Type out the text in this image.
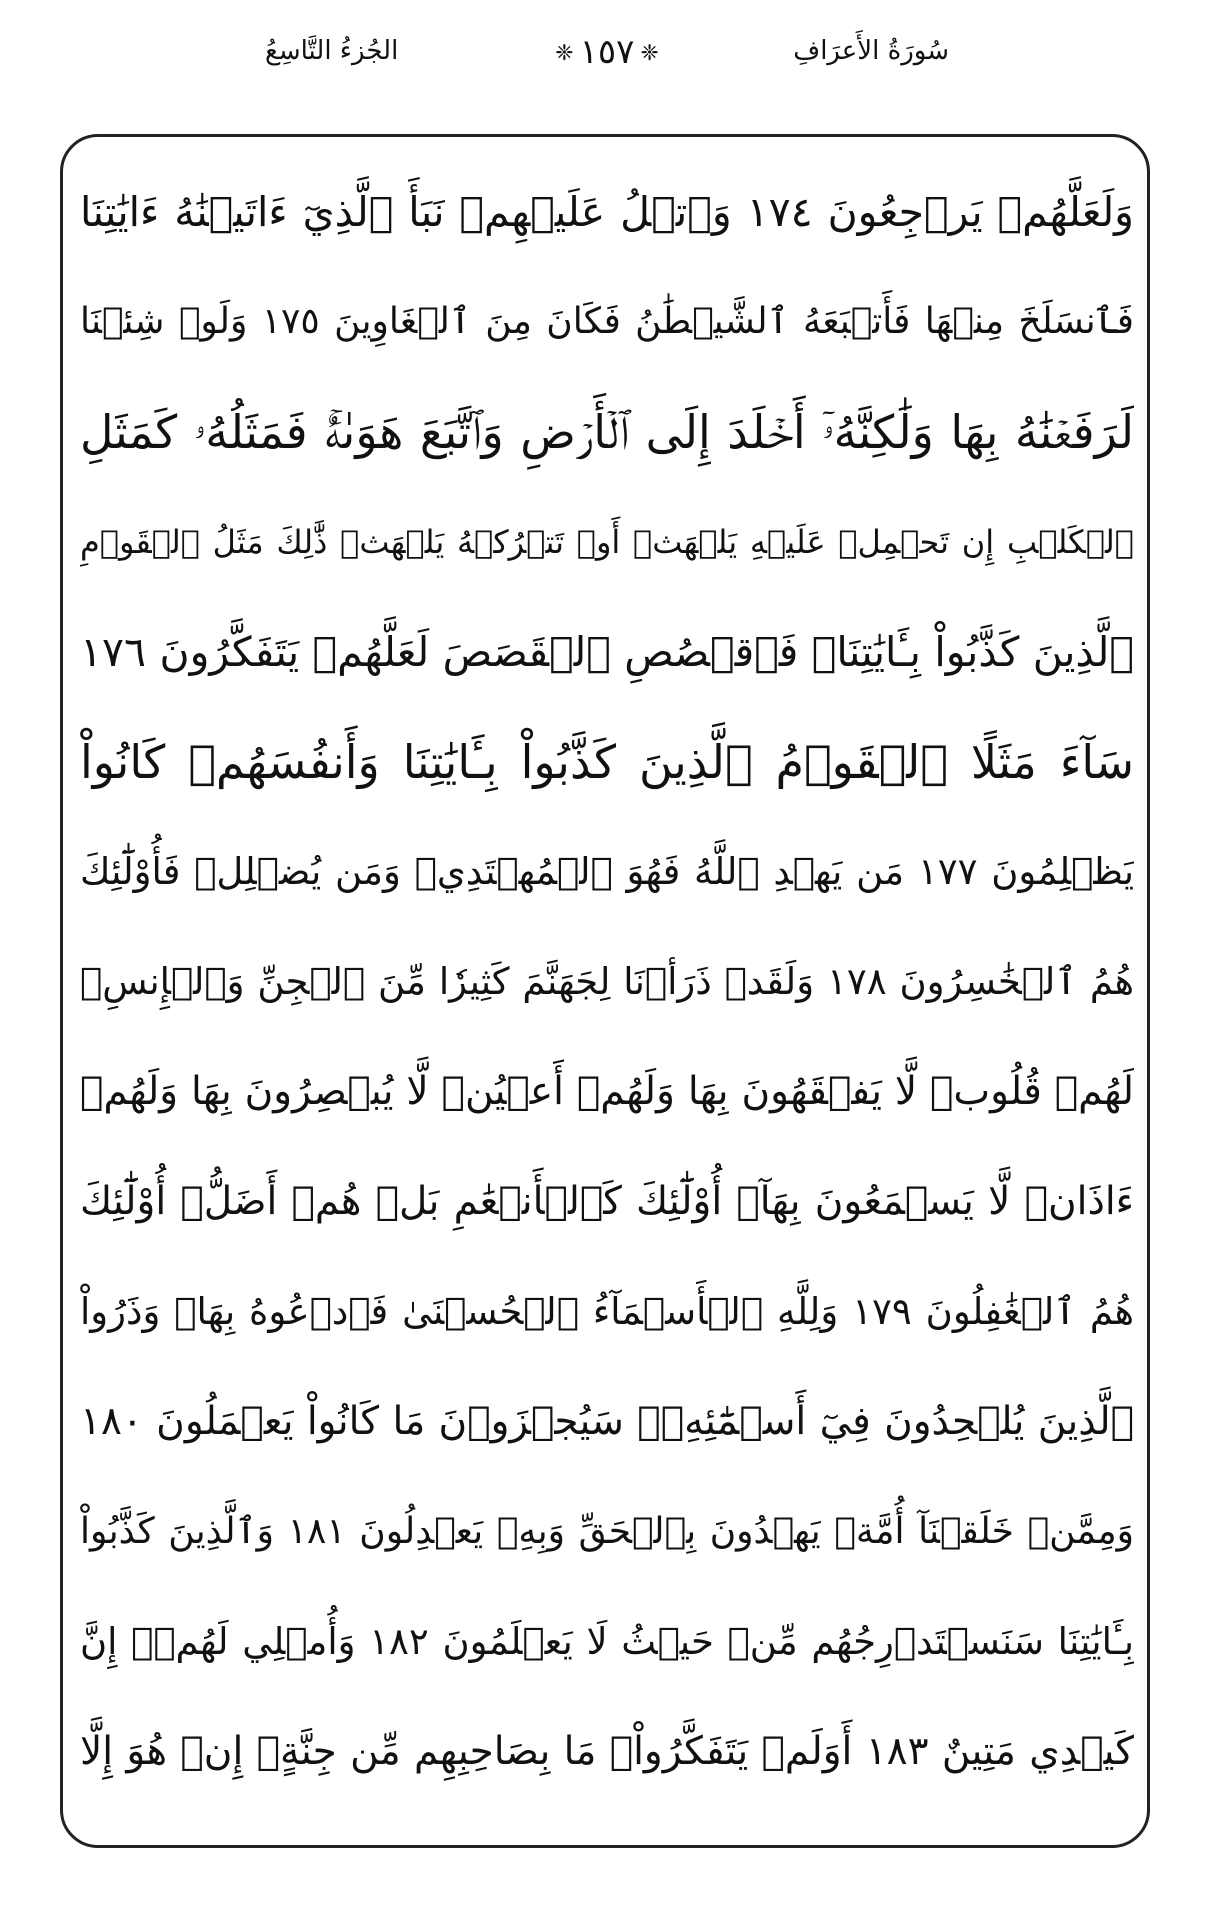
الجُزءُ التَّاسِعُ	❈ ١٥٧ ❈	سُورَةُ الأَعرَافِ
وَلَعَلَّهُمۡ يَرۡجِعُونَ ١٧٤ وَٱتۡلُ عَلَيۡهِمۡ نَبَأَ ٱلَّذِيٓ ءَاتَيۡنَٰهُ ءَايَٰتِنَا
فَٱنسَلَخَ مِنۡهَا فَأَتۡبَعَهُ ٱلشَّيۡطَٰنُ فَكَانَ مِنَ ٱلۡغَاوِينَ ١٧٥ وَلَوۡ شِئۡنَا
لَرَفَعۡنَٰهُ بِهَا وَلَٰكِنَّهُۥٓ أَخۡلَدَ إِلَى ٱلۡأَرۡضِ وَٱتَّبَعَ هَوَىٰهُۚ فَمَثَلُهُۥ كَمَثَلِ
ٱلۡكَلۡبِ إِن تَحۡمِلۡ عَلَيۡهِ يَلۡهَثۡ أَوۡ تَتۡرُكۡهُ يَلۡهَثۚ ذَّٰلِكَ مَثَلُ ٱلۡقَوۡمِ
ٱلَّذِينَ كَذَّبُواْ بِـَٔايَٰتِنَاۚ فَٱقۡصُصِ ٱلۡقَصَصَ لَعَلَّهُمۡ يَتَفَكَّرُونَ ١٧٦
سَآءَ مَثَلًا ٱلۡقَوۡمُ ٱلَّذِينَ كَذَّبُواْ بِـَٔايَٰتِنَا وَأَنفُسَهُمۡ كَانُواْ
يَظۡلِمُونَ ١٧٧ مَن يَهۡدِ ٱللَّهُ فَهُوَ ٱلۡمُهۡتَدِيۖ وَمَن يُضۡلِلۡ فَأُوْلَٰٓئِكَ
هُمُ ٱلۡخَٰسِرُونَ ١٧٨ وَلَقَدۡ ذَرَأۡنَا لِجَهَنَّمَ كَثِيرٗا مِّنَ ٱلۡجِنِّ وَٱلۡإِنسِۖ
لَهُمۡ قُلُوبٞ لَّا يَفۡقَهُونَ بِهَا وَلَهُمۡ أَعۡيُنٞ لَّا يُبۡصِرُونَ بِهَا وَلَهُمۡ
ءَاذَانٞ لَّا يَسۡمَعُونَ بِهَآۚ أُوْلَٰٓئِكَ كَٱلۡأَنۡعَٰمِ بَلۡ هُمۡ أَضَلُّۚ أُوْلَٰٓئِكَ
هُمُ ٱلۡغَٰفِلُونَ ١٧٩ وَلِلَّهِ ٱلۡأَسۡمَآءُ ٱلۡحُسۡنَىٰ فَٱدۡعُوهُ بِهَاۖ وَذَرُواْ
ٱلَّذِينَ يُلۡحِدُونَ فِيٓ أَسۡمَٰٓئِهِۦۚ سَيُجۡزَوۡنَ مَا كَانُواْ يَعۡمَلُونَ ١٨٠
وَمِمَّنۡ خَلَقۡنَآ أُمَّةٞ يَهۡدُونَ بِٱلۡحَقِّ وَبِهِۦ يَعۡدِلُونَ ١٨١ وَٱلَّذِينَ كَذَّبُواْ
بِـَٔايَٰتِنَا سَنَسۡتَدۡرِجُهُم مِّنۡ حَيۡثُ لَا يَعۡلَمُونَ ١٨٢ وَأُمۡلِي لَهُمۡۚ إِنَّ
كَيۡدِي مَتِينٌ ١٨٣ أَوَلَمۡ يَتَفَكَّرُواْۗ مَا بِصَاحِبِهِم مِّن جِنَّةٍۚ إِنۡ هُوَ إِلَّا
